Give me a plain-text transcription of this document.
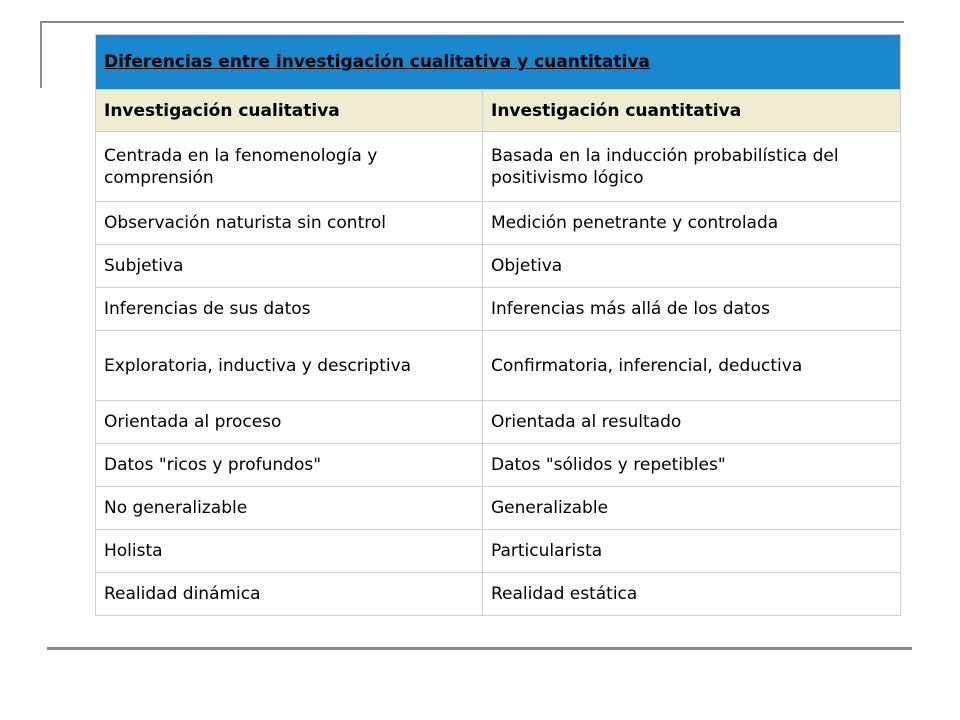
Diferencias entre investigación cualitativa y cuantitativa	
Investigación cualitativa	Investigación cuantitativa
Centrada en la fenomenología y comprensión	Basada en la inducción probabilística del positivismo lógico
Observación naturista sin control	Medición penetrante y controlada
Subjetiva	Objetiva
Inferencias de sus datos	Inferencias más allá de los datos
Exploratoria, inductiva y descriptiva	Confirmatoria, inferencial, deductiva
Orientada al proceso	Orientada al resultado
Datos "ricos y profundos"	Datos "sólidos y repetibles"
No generalizable	Generalizable
Holista	Particularista
Realidad dinámica	Realidad estática
